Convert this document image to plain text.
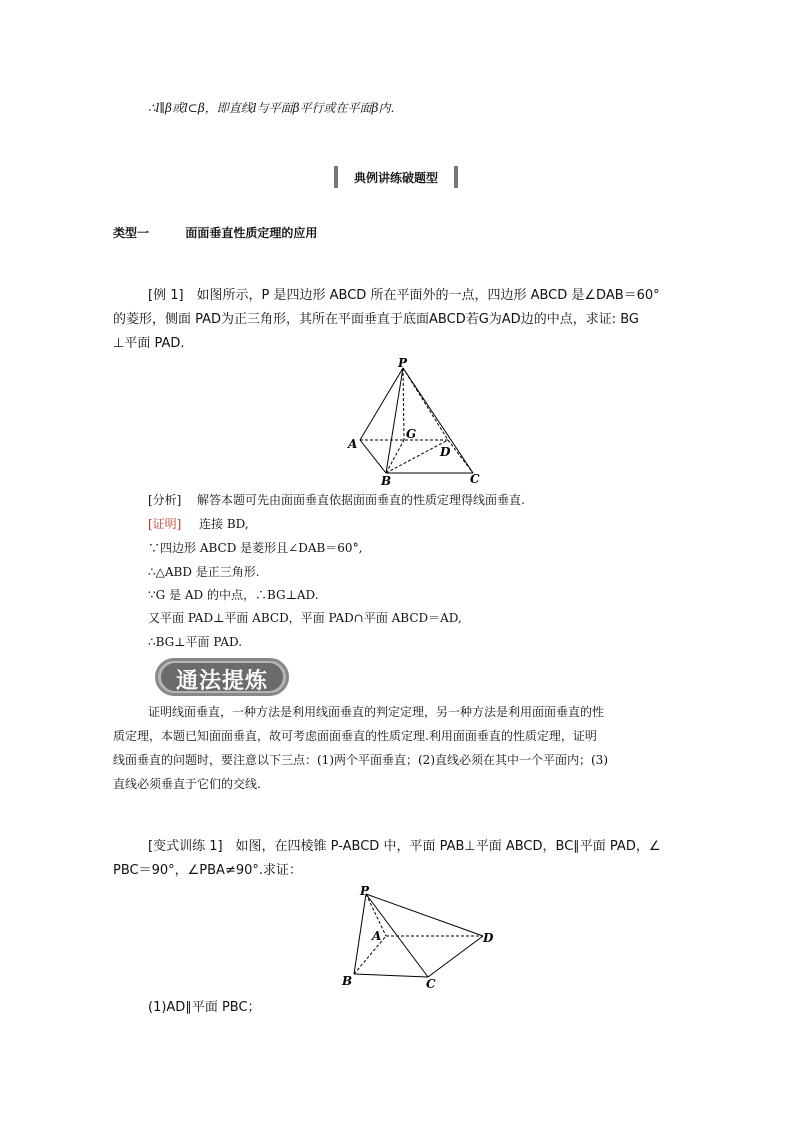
∴l∥β或l⊂β，即直线l与平面β平行或在平面β内.
典例讲练破题型
类型一	面面垂直性质定理的应用
[例 1]　如图所示，P 是四边形 ABCD 所在平面外的一点，四边形 ABCD 是∠DAB＝60°
的菱形，侧面 PAD为正三角形，其所在平面垂直于底面ABCD若G为AD边的中点，求证: BG
⊥平面 PAD.
P
A
G
D
B	C
[分析] 解答本题可先由面面垂直依据面面垂直的性质定理得线面垂直.
[证明] 连接 BD,
∵四边形 ABCD 是菱形且∠DAB＝60°,
∴△ABD 是正三角形.
∵G 是 AD 的中点，∴BG⊥AD.
又平面 PAD⊥平面 ABCD，平面 PAD∩平面 ABCD＝AD,
∴BG⊥平面 PAD.
通法提炼
证明线面垂直，一种方法是利用线面垂直的判定定理，另一种方法是利用面面垂直的性
质定理，本题已知面面垂直，故可考虑面面垂直的性质定理.利用面面垂直的性质定理，证明
线面垂直的问题时，要注意以下三点：(1)两个平面垂直；(2)直线必须在其中一个平面内；(3)
直线必须垂直于它们的交线.
[变式训练 1]　如图，在四棱锥 P-ABCD 中，平面 PAB⊥平面 ABCD，BC∥平面 PAD，∠
PBC＝90°，∠PBA≠90°.求证：
P
A	D
B	C
(1)AD∥平面 PBC；
